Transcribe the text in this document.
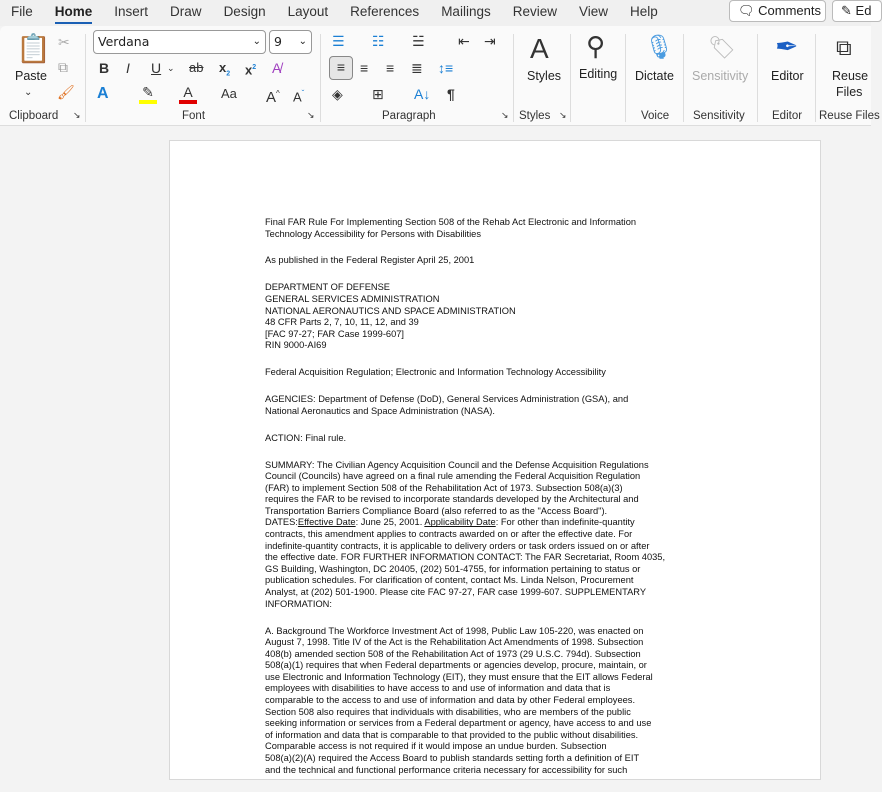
File Home Insert Draw Design Layout References Mailings Review View Help	🗨 Comments	✎ Ed
📋
Paste
⌄
✂
⧉
🖌
Clipboard ↘
Verdana	⌄	9 ⌄
B I U ⌄ ab $x_2$ $x^2$ A̸
A ✎	A	Aa A^ $A^ˇ$
Font	↘
☰ ☷ ☱ ⇤ ⇥
≡	≡ ≡ ≣ ↕≡
◈ ⊞ A↓ ¶
Paragraph	↘
A
Styles
Styles ↘
⚲
Editing
🎙
Dictate
Voice
🏷
Sensitivity
Sensitivity
✒
Editor
Editor
⧉
Reuse
Files
Reuse Files
Final FAR Rule For Implementing Section 508 of the Rehab Act Electronic and Information
Technology Accessibility for Persons with Disabilities
As published in the Federal Register April 25, 2001
DEPARTMENT OF DEFENSE
GENERAL SERVICES ADMINISTRATION
NATIONAL AERONAUTICS AND SPACE ADMINISTRATION
48 CFR Parts 2, 7, 10, 11, 12, and 39
[FAC 97-27; FAR Case 1999-607]
RIN 9000-AI69
Federal Acquisition Regulation; Electronic and Information Technology Accessibility
AGENCIES: Department of Defense (DoD), General Services Administration (GSA), and
National Aeronautics and Space Administration (NASA).
ACTION: Final rule.
SUMMARY: The Civilian Agency Acquisition Council and the Defense Acquisition Regulations
Council (Councils) have agreed on a final rule amending the Federal Acquisition Regulation
(FAR) to implement Section 508 of the Rehabilitation Act of 1973. Subsection 508(a)(3)
requires the FAR to be revised to incorporate standards developed by the Architectural and
Transportation Barriers Compliance Board (also referred to as the "Access Board").
DATES:Effective Date: June 25, 2001. Applicability Date: For other than indefinite-quantity
contracts, this amendment applies to contracts awarded on or after the effective date. For
indefinite-quantity contracts, it is applicable to delivery orders or task orders issued on or after
the effective date. FOR FURTHER INFORMATION CONTACT: The FAR Secretariat, Room 4035,
GS Building, Washington, DC 20405, (202) 501-4755, for information pertaining to status or
publication schedules. For clarification of content, contact Ms. Linda Nelson, Procurement
Analyst, at (202) 501-1900. Please cite FAC 97-27, FAR case 1999-607. SUPPLEMENTARY
INFORMATION:
A. Background The Workforce Investment Act of 1998, Public Law 105-220, was enacted on
August 7, 1998. Title IV of the Act is the Rehabilitation Act Amendments of 1998. Subsection
408(b) amended section 508 of the Rehabilitation Act of 1973 (29 U.S.C. 794d). Subsection
508(a)(1) requires that when Federal departments or agencies develop, procure, maintain, or
use Electronic and Information Technology (EIT), they must ensure that the EIT allows Federal
employees with disabilities to have access to and use of information and data that is
comparable to the access to and use of information and data by other Federal employees.
Section 508 also requires that individuals with disabilities, who are members of the public
seeking information or services from a Federal department or agency, have access to and use
of information and data that is comparable to that provided to the public without disabilities.
Comparable access is not required if it would impose an undue burden. Subsection
508(a)(2)(A) required the Access Board to publish standards setting forth a definition of EIT
and the technical and functional performance criteria necessary for accessibility for such
